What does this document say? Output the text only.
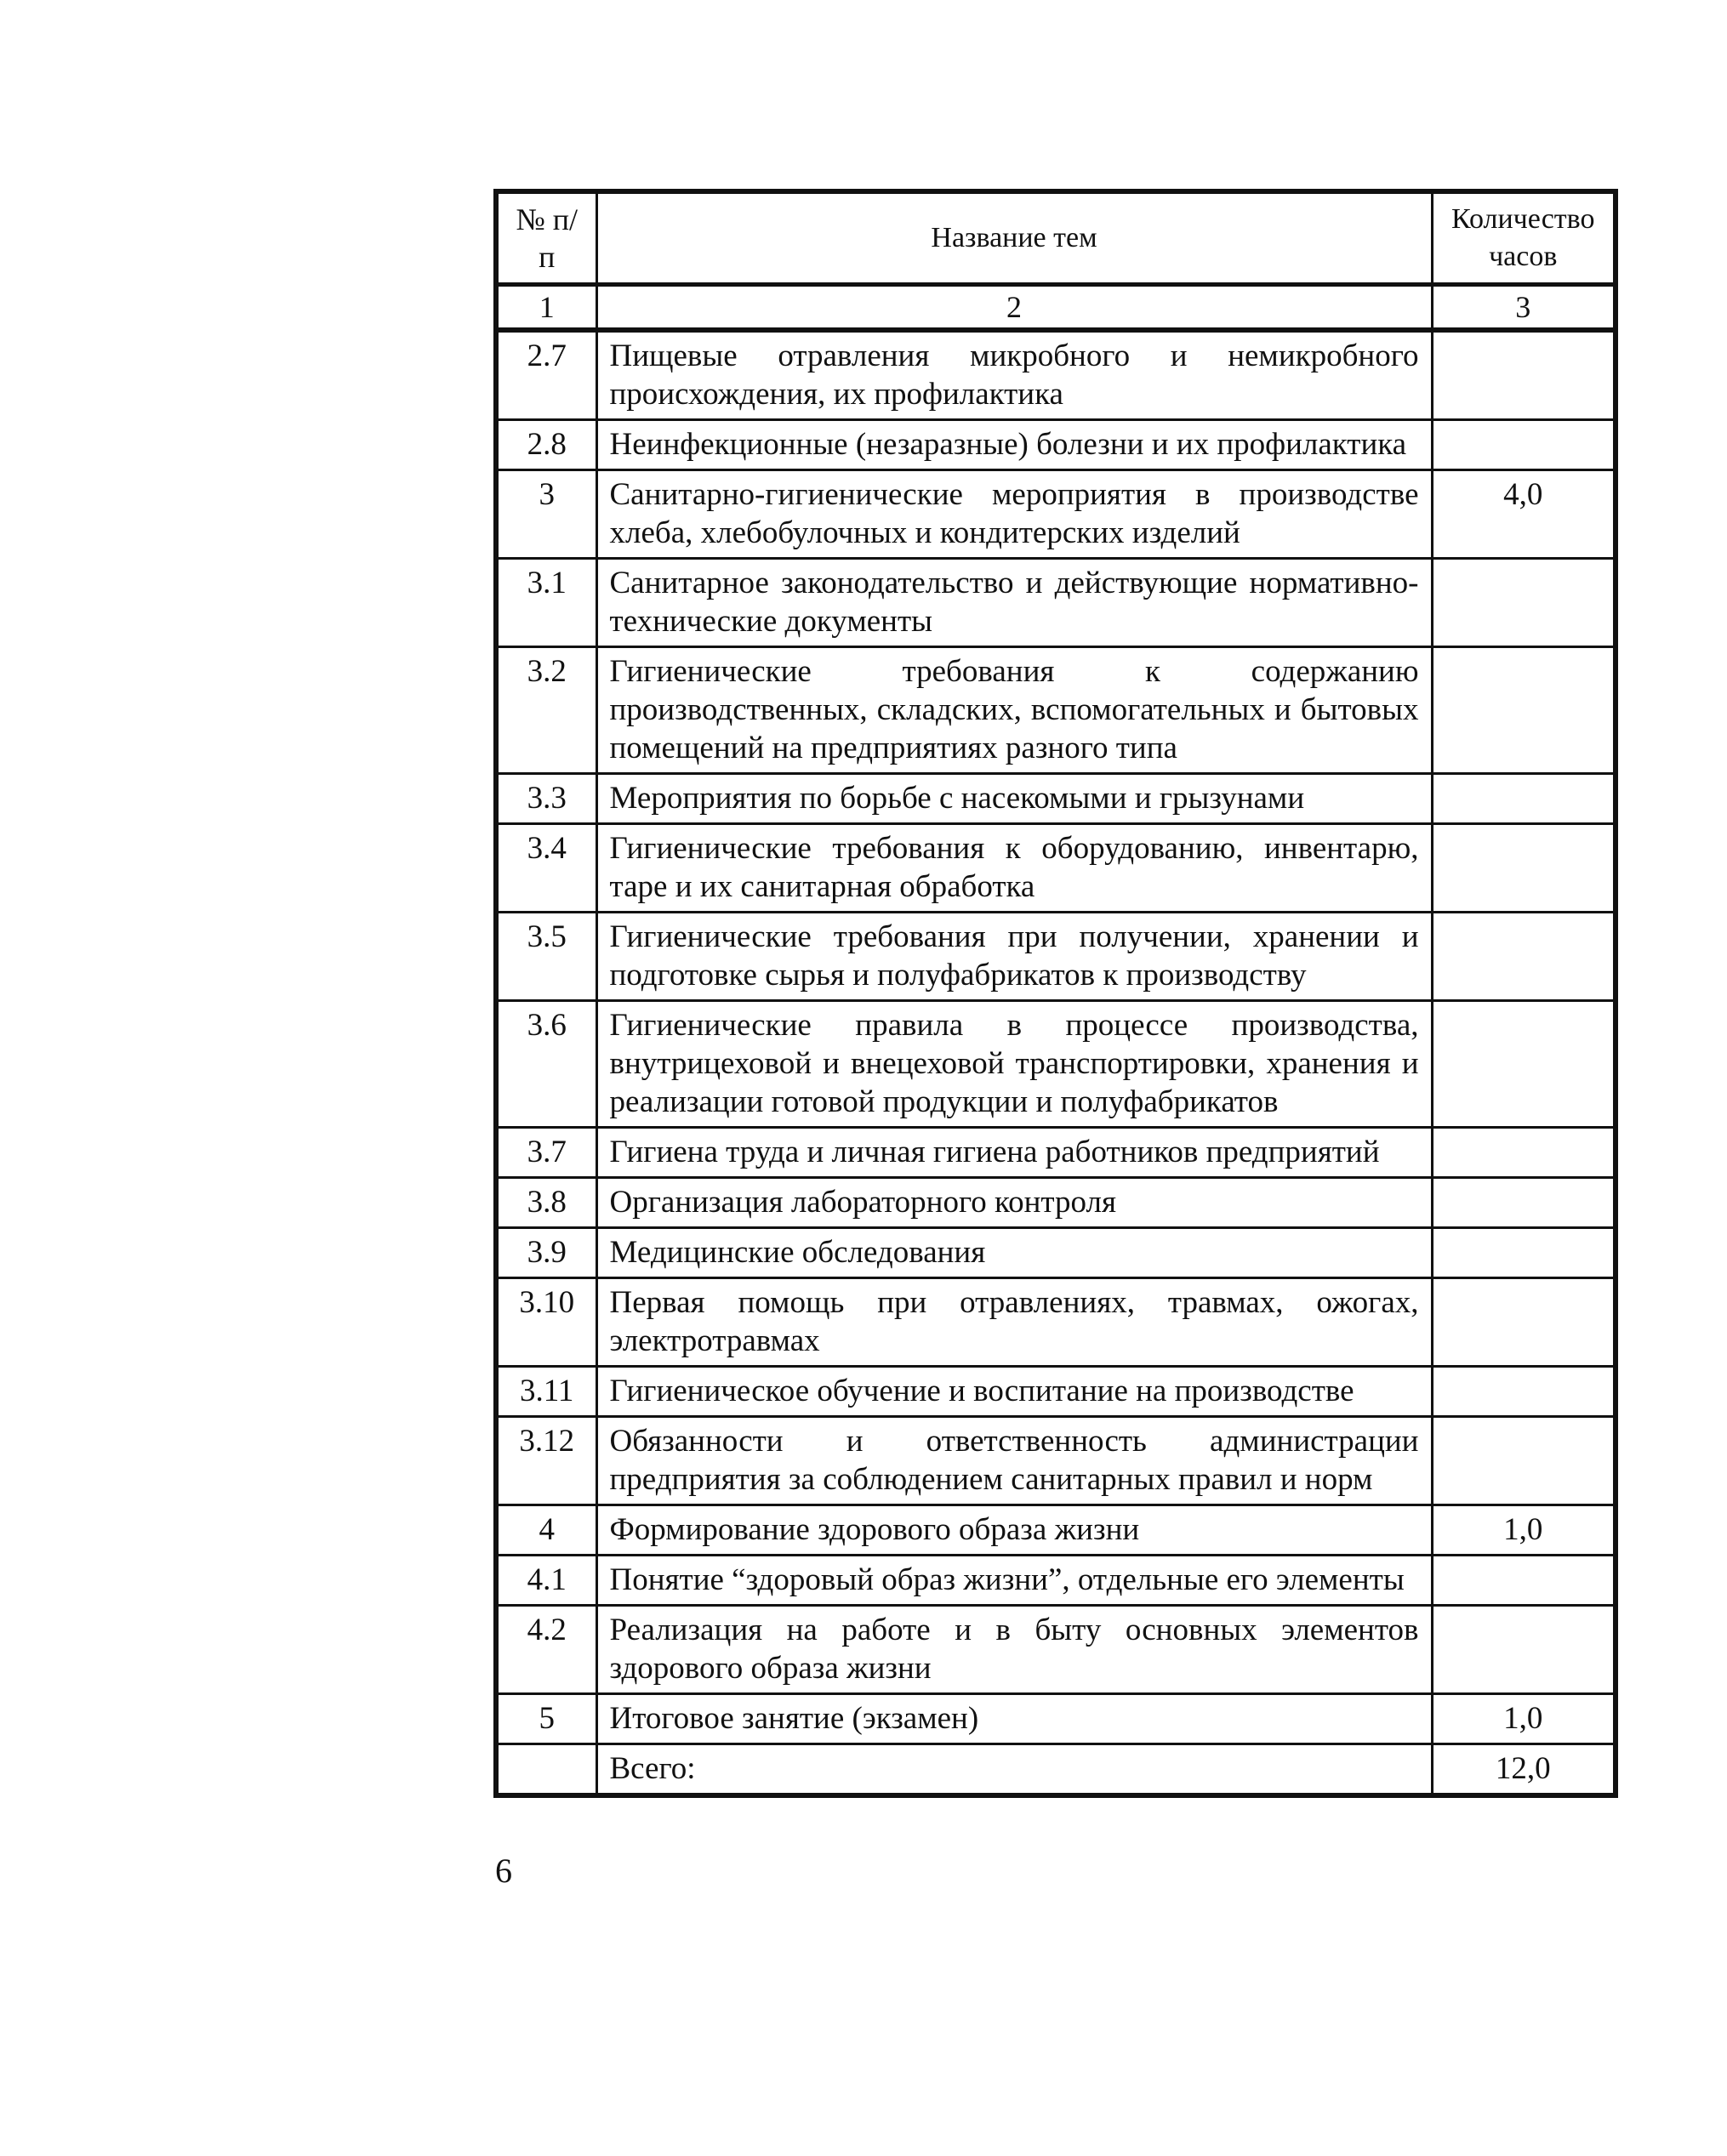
№ п/п	Название тем	Количество часов
1	2	3
2.7	Пищевые отравления микробного и немикробного происхождения, их профилактика	
2.8	Неинфекционные (незаразные) болезни и их профилактика	
3	Санитарно-гигиенические мероприятия в производстве хлеба, хлебобулочных и кондитерских изделий	4,0
3.1	Санитарное законодательство и действующие нормативно-технические документы	
3.2	Гигиенические требования к содержанию производственных, складских, вспомогательных и бытовых помещений на предприятиях разного типа	
3.3	Мероприятия по борьбе с насекомыми и грызунами	
3.4	Гигиенические требования к оборудованию, инвентарю, таре и их санитарная обработка	
3.5	Гигиенические требования при получении, хранении и подготовке сырья и полуфабрикатов к производству	
3.6	Гигиенические правила в процессе производства, внутрицеховой и внецеховой транспортировки, хранения и реализации готовой продукции и полуфабрикатов	
3.7	Гигиена труда и личная гигиена работников предприятий	
3.8	Организация лабораторного контроля	
3.9	Медицинские обследования	
3.10	Первая помощь при отравлениях, травмах, ожогах, электротравмах	
3.11	Гигиеническое обучение и воспитание на производстве	
3.12	Обязанности и ответственность администрации предприятия за соблюдением санитарных правил и норм	
4	Формирование здорового образа жизни	1,0
4.1	Понятие “здоровый образ жизни”, отдельные его элементы	
4.2	Реализация на работе и в быту основных элементов здорового образа жизни	
5	Итоговое занятие (экзамен)	1,0
	Всего:	12,0
6
